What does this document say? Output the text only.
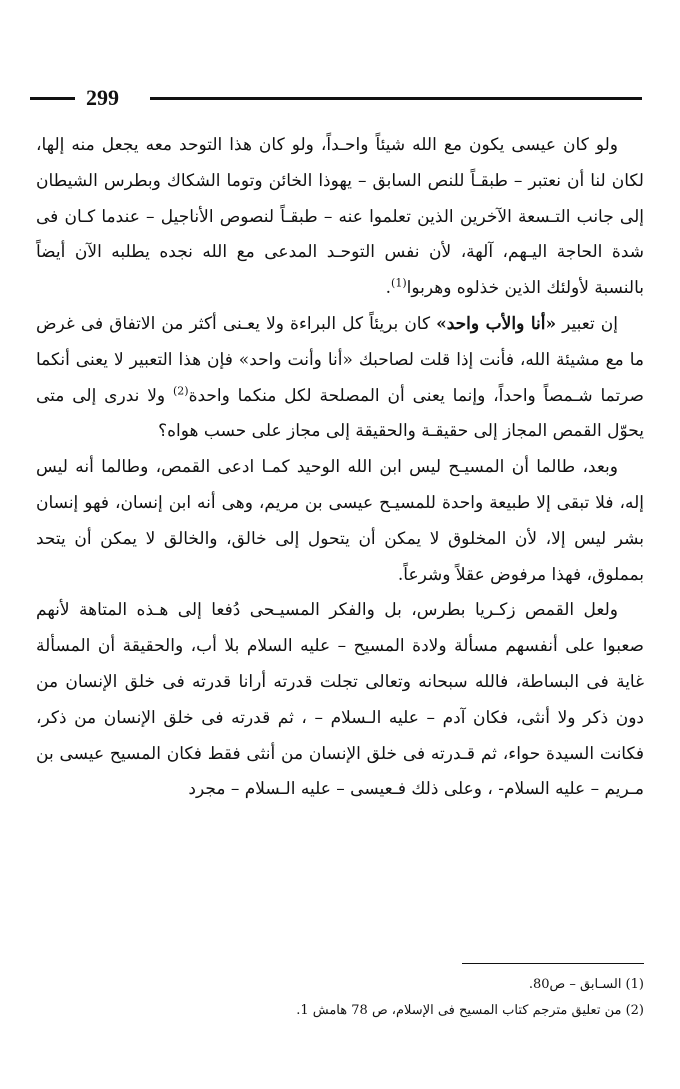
299

ولو كان عيسى يكون مع الله شيئاً واحـداً، ولو كان هذا التوحد معه يجعل منه إلها، لكان لنا أن نعتبر – طبقـاً للنص السابق – يهوذا الخائن وتوما الشكاك وبطرس الشيطان إلى جانب التـسعة الآخرين الذين تعلموا عنه – طبقـاً لنصوص الأناجيل – عندما كـان فى شدة الحاجة اليـهم، آلهة، لأن نفس التوحـد المدعى مع الله نجده يطلبه الآن أيضاً بالنسبة لأولئك الذين خذلوه وهربوا$^{(1)}$.

إن تعبير «أنا والأب واحد» كان بريئاً كل البراءة ولا يعـنى أكثر من الاتفاق فى غرض ما مع مشيئة الله، فأنت إذا قلت لصاحبك «أنا وأنت واحد» فإن هذا التعبير لا يعنى أنكما صرتما شـمصاً واحداً، وإنما يعنى أن المصلحة لكل منكما واحدة$^{(2)}$ ولا ندرى إلى متى يحوّل القمص المجاز إلى حقيقـة والحقيقة إلى مجاز على حسب هواه؟

وبعد، طالما أن المسيـح ليس ابن الله الوحيد كمـا ادعى القمص، وطالما أنه ليس إله، فلا تبقى إلا طبيعة واحدة للمسيـح عيسى بن مريم، وهى أنه ابن إنسان، فهو إنسان بشر ليس إلا، لأن المخلوق لا يمكن أن يتحول إلى خالق، والخالق لا يمكن أن يتحد بمملوق، فهذا مرفوض عقلاً وشرعاً.

ولعل القمص زكـريا بطرس، بل والفكر المسيـحى دُفعا إلى هـذه المتاهة لأنهم صعبوا على أنفسهم مسألة ولادة المسيح – عليه السلام بلا أب، والحقيقة أن المسألة غاية فى البساطة، فالله سبحانه وتعالى تجلت قدرته أرانا قدرته فى خلق الإنسان من دون ذكر ولا أنثى، فكان آدم – عليه الـسلام – ، ثم قدرته فى خلق الإنسان من ذكر، فكانت السيدة حواء، ثم قـدرته فى خلق الإنسان من أنثى فقط فكان المسيح عيسى بن مـريم – عليه السلام- ، وعلى ذلك فـعيسى – عليه الـسلام – مجرد

(1) السـابق – ص80.
(2) من تعليق مترجم كتاب المسيح فى الإسلام، ص 78 هامش 1.
